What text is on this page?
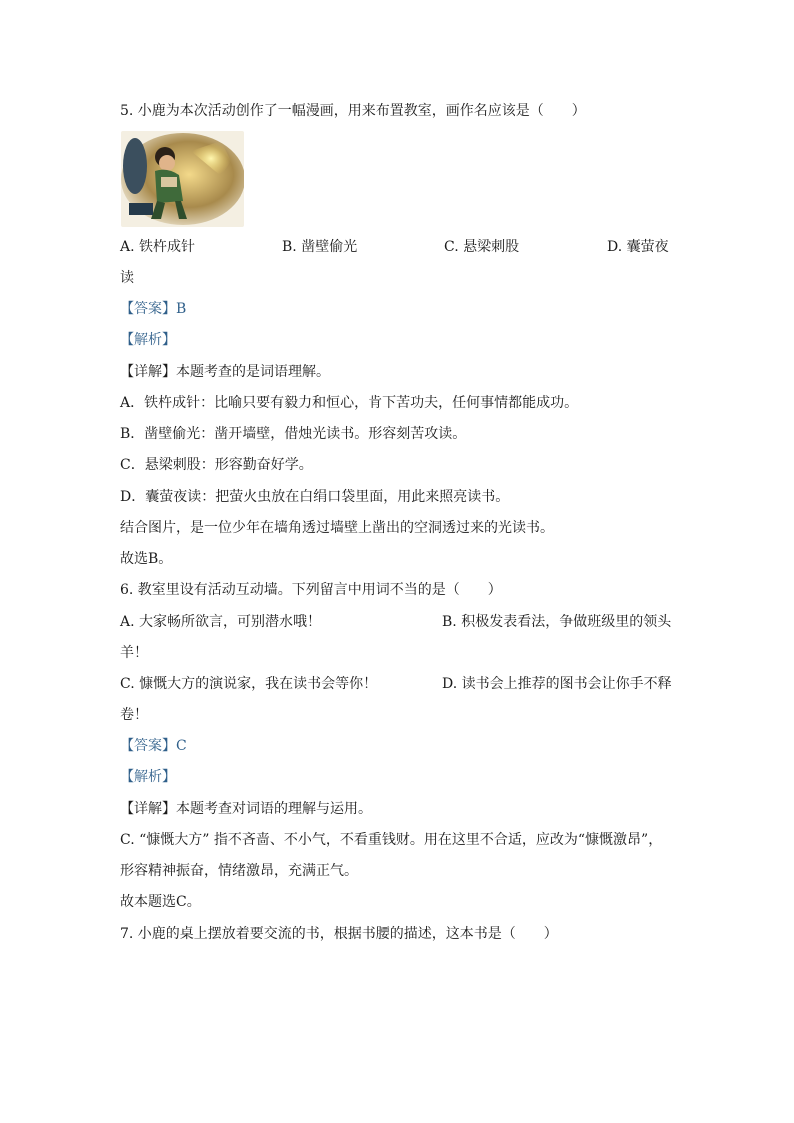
5. 小鹿为本次活动创作了一幅漫画，用来布置教室，画作名应该是（　　）
A. 铁杵成针	B. 凿壁偷光	C. 悬梁刺股	D. 囊萤夜
读
【答案】B
【解析】
【详解】本题考查的是词语理解。
A．铁杵成针：比喻只要有毅力和恒心，肯下苦功夫，任何事情都能成功。
B．凿壁偷光：凿开墙壁，借烛光读书。形容刻苦攻读。
C．悬梁刺股：形容勤奋好学。
D．囊萤夜读：把萤火虫放在白绢口袋里面，用此来照亮读书。
结合图片，是一位少年在墙角透过墙壁上凿出的空洞透过来的光读书。
故选B。
6. 教室里设有活动互动墙。下列留言中用词不当的是（　　）
A. 大家畅所欲言，可别潜水哦！	B. 积极发表看法，争做班级里的领头
羊！
C. 慷慨大方的演说家，我在读书会等你！	D. 读书会上推荐的图书会让你手不释
卷！
【答案】C
【解析】
【详解】本题考查对词语的理解与运用。
C. “慷慨大方” 指不吝啬、不小气，不看重钱财。用在这里不合适，应改为“慷慨激昂”，
形容精神振奋，情绪激昂，充满正气。
故本题选C。
7. 小鹿的桌上摆放着要交流的书，根据书腰的描述，这本书是（　　）
